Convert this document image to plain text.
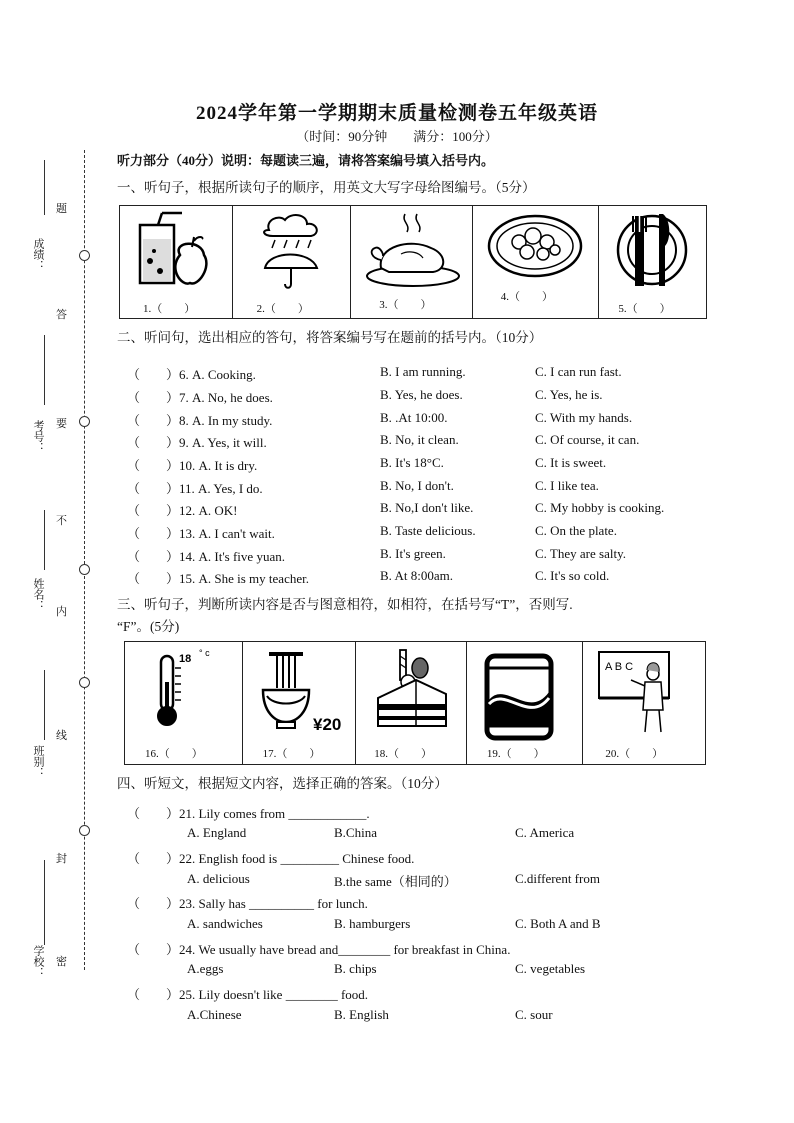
成绩：
考号：
姓名：
班别：
学校：
题
答
要
不
内
线
封
密
2024学年第一学期期末质量检测卷五年级英语
（时间：90分钟　　满分：100分）
听力部分（40分）说明：每题读三遍，请将答案编号填入括号内。
一、听句子，根据所读句子的顺序，用英文大写字母给图编号。（5分）
1.（　　）	2.（　　）	3.（　　）
4.（　　）
5.（　　）
二、听问句，选出相应的答句，将答案编号写在题前的括号内。（10分）
（　　）6. A. Cooking.	B. I am running.	C. I can run fast.
（　　）7. A. No, he does.	B. Yes, he does.	C. Yes, he is.
（　　）8. A. In my study.	B. .At 10:00.	C. With my hands.
（　　）9. A. Yes, it will.	B. No, it clean.	C. Of course, it can.
（　　）10. A. It is dry.	B. It's 18°C.	C. It is sweet.
（　　）11. A. Yes, I do.	B. No, I don't.	C. I like tea.
（　　）12. A. OK!	B. No,I don't like.	C. My hobby is cooking.
（　　）13. A. I can't wait.	B. Taste delicious.	C. On the plate.
（　　）14. A. It's five yuan.	B. It's green.	C. They are salty.
（　　）15. A. She is my teacher.	B. At 8:00am.	C. It's so cold.
三、听句子，判断所读内容是否与图意相符，如相符，在括号写“T”，否则写.
“F”。(5分)
18 ° c
16.（　　）
¥20
17.（　　）	18.（　　）	19.（　　）
A B C
20.（　　）
四、听短文，根据短文内容，选择正确的答案。（10分）
（　　）21. Lily comes from ____________.
A. England	B.China	C. America
（　　）22. English food is _________ Chinese food.
A. delicious	B.the same（相同的）	C.different from
（　　）23. Sally has __________ for lunch.
A. sandwiches	B. hamburgers	C. Both A and B
（　　）24. We usually have bread and________ for breakfast in China.
A.eggs	B. chips	C. vegetables
（　　）25. Lily doesn't like ________ food.
A.Chinese	B. English	C. sour
